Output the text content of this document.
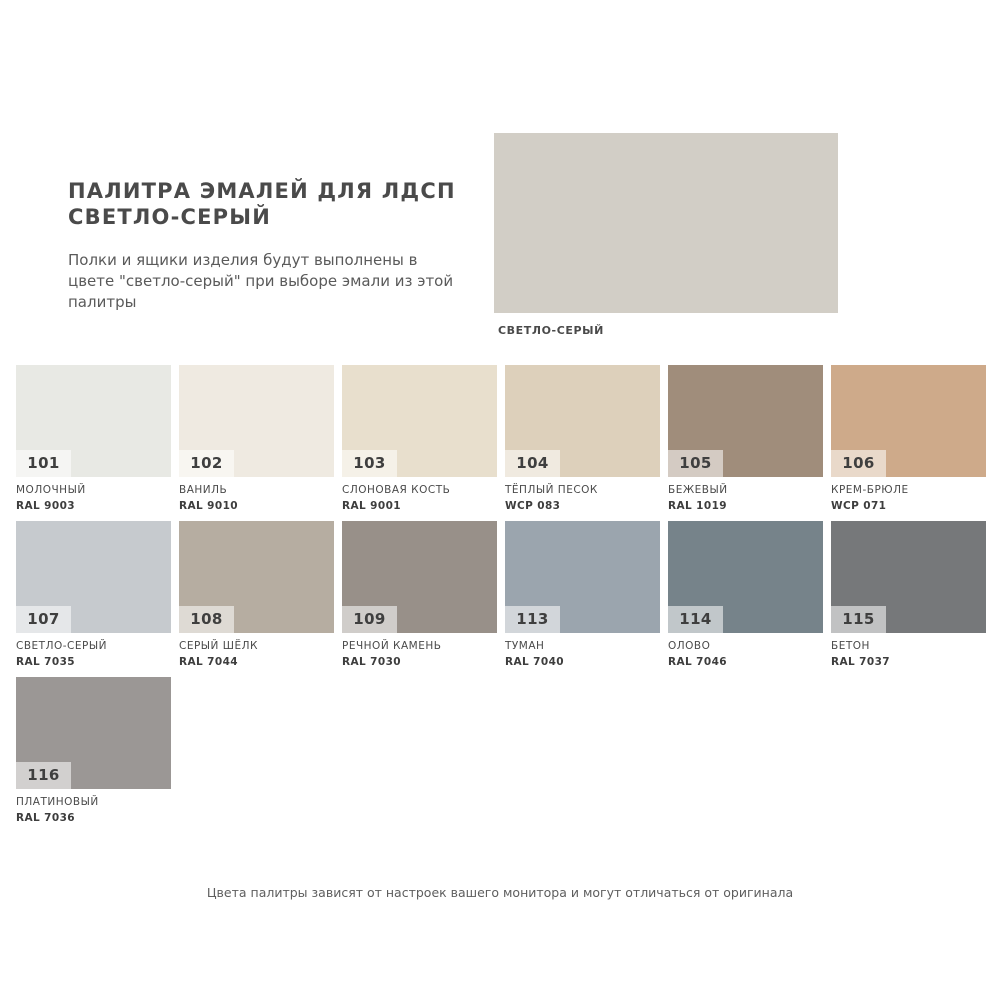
ПАЛИТРА ЭМАЛЕЙ ДЛЯ ЛДСП СВЕТЛО-СЕРЫЙ
Полки и ящики изделия будут выполнены в цвете "светло-серый" при выборе эмали из этой палитры
СВЕТЛО-СЕРЫЙ
101
МОЛОЧНЫЙ
RAL 9003
102
ВАНИЛЬ
RAL 9010
103
СЛОНОВАЯ КОСТЬ
RAL 9001
104
ТЁПЛЫЙ ПЕСОК
WCP 083
105
БЕЖЕВЫЙ
RAL 1019
106
КРЕМ-БРЮЛЕ
WCP 071
107
СВЕТЛО-СЕРЫЙ
RAL 7035
108
СЕРЫЙ ШЁЛК
RAL 7044
109
РЕЧНОЙ КАМЕНЬ
RAL 7030
113
ТУМАН
RAL 7040
114
ОЛОВО
RAL 7046
115
БЕТОН
RAL 7037
116
ПЛАТИНОВЫЙ
RAL 7036
Цвета палитры зависят от настроек вашего монитора и могут отличаться от оригинала
